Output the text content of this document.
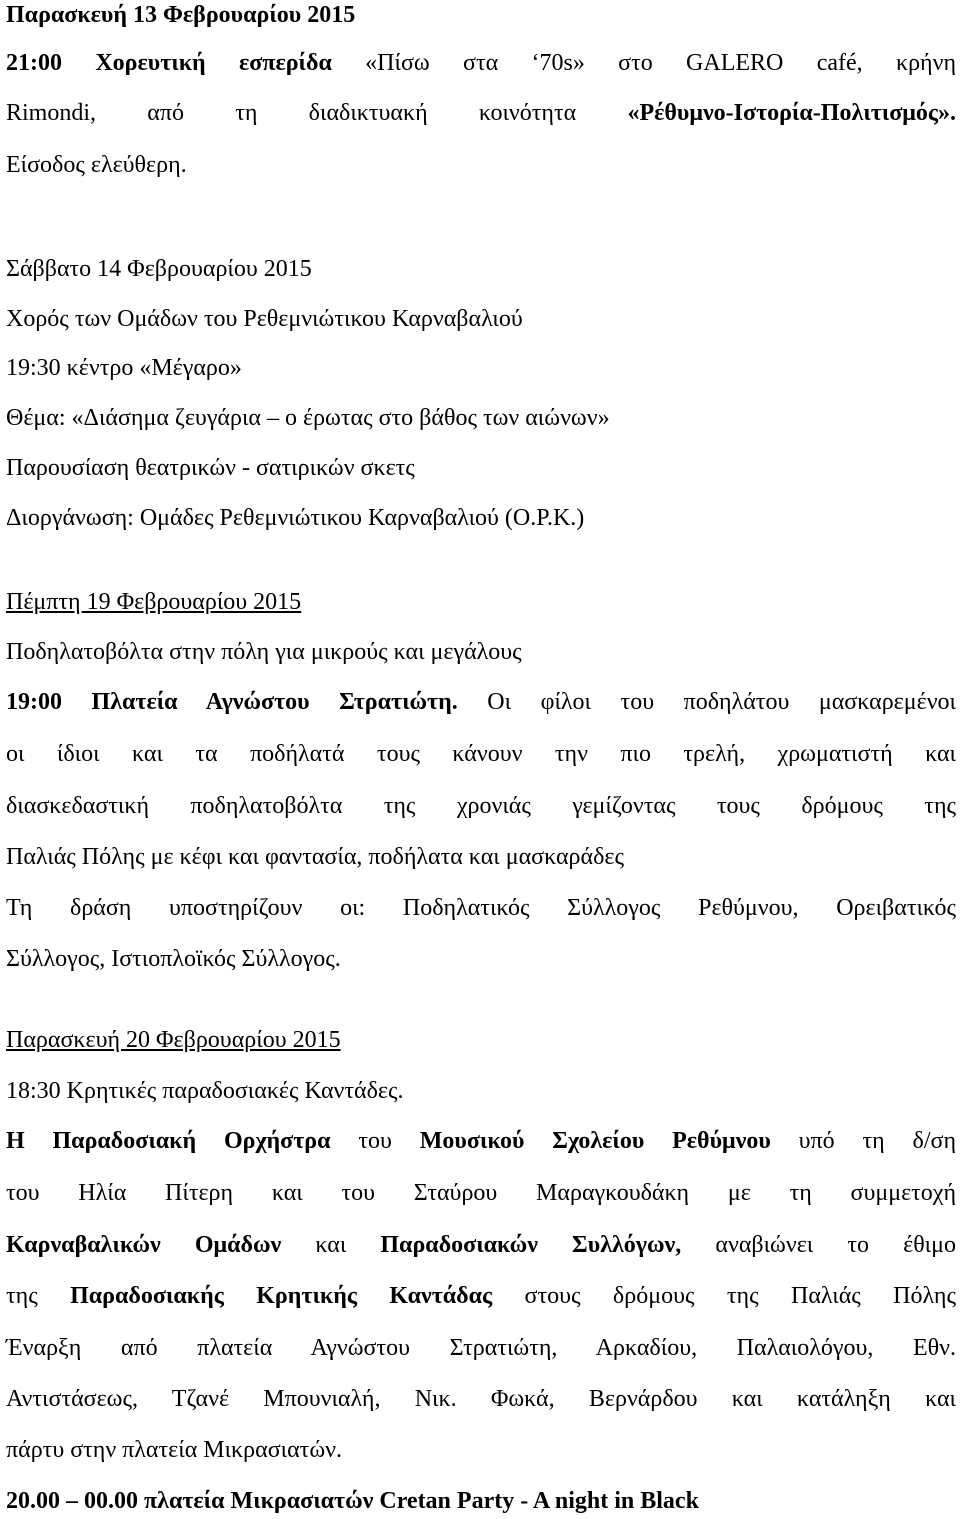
Παρασκευή 13 Φεβρουαρίου 2015
21:00 Χορευτική εσπερίδα «Πίσω στα ‘70s» στο GALERO café, κρήνη
Rimondi, από τη διαδικτυακή κοινότητα «Ρέθυμνο-Ιστορία-Πολιτισμός».
Είσοδος ελεύθερη.
Σάββατο 14 Φεβρουαρίου 2015
Χορός των Ομάδων του Ρεθεμνιώτικου Καρναβαλιού
19:30 κέντρο «Μέγαρο»
Θέμα: «Διάσημα ζευγάρια – ο έρωτας στο βάθος των αιώνων»
Παρουσίαση θεατρικών - σατιρικών σκετς
Διοργάνωση: Ομάδες Ρεθεμνιώτικου Καρναβαλιού (Ο.Ρ.Κ.)
Πέμπτη 19 Φεβρουαρίου 2015
Ποδηλατοβόλτα στην πόλη για μικρούς και μεγάλους
19:00 Πλατεία Αγνώστου Στρατιώτη. Οι φίλοι του ποδηλάτου μασκαρεμένοι
οι ίδιοι και τα ποδήλατά τους κάνουν την πιο τρελή, χρωματιστή και
διασκεδαστική ποδηλατοβόλτα της χρονιάς γεμίζοντας τους δρόμους της
Παλιάς Πόλης με κέφι και φαντασία, ποδήλατα και μασκαράδες
Τη δράση υποστηρίζουν οι: Ποδηλατικός Σύλλογος Ρεθύμνου, Ορειβατικός
Σύλλογος, Ιστιοπλοϊκός Σύλλογος.
Παρασκευή 20 Φεβρουαρίου 2015
18:30 Κρητικές παραδοσιακές Καντάδες.
Η Παραδοσιακή Ορχήστρα του Μουσικού Σχολείου Ρεθύμνου υπό τη δ/ση
του Ηλία Πίτερη και του Σταύρου Μαραγκουδάκη με τη συμμετοχή
Καρναβαλικών Ομάδων και Παραδοσιακών Συλλόγων, αναβιώνει το έθιμο
της Παραδοσιακής Κρητικής Καντάδας στους δρόμους της Παλιάς Πόλης
Έναρξη από πλατεία Αγνώστου Στρατιώτη, Αρκαδίου, Παλαιολόγου, Εθν.
Αντιστάσεως, Τζανέ Μπουνιαλή, Νικ. Φωκά, Βερνάρδου και κατάληξη και
πάρτυ στην πλατεία Μικρασιατών.
20.00 – 00.00 πλατεία Μικρασιατών Cretan Party - A night in Black
